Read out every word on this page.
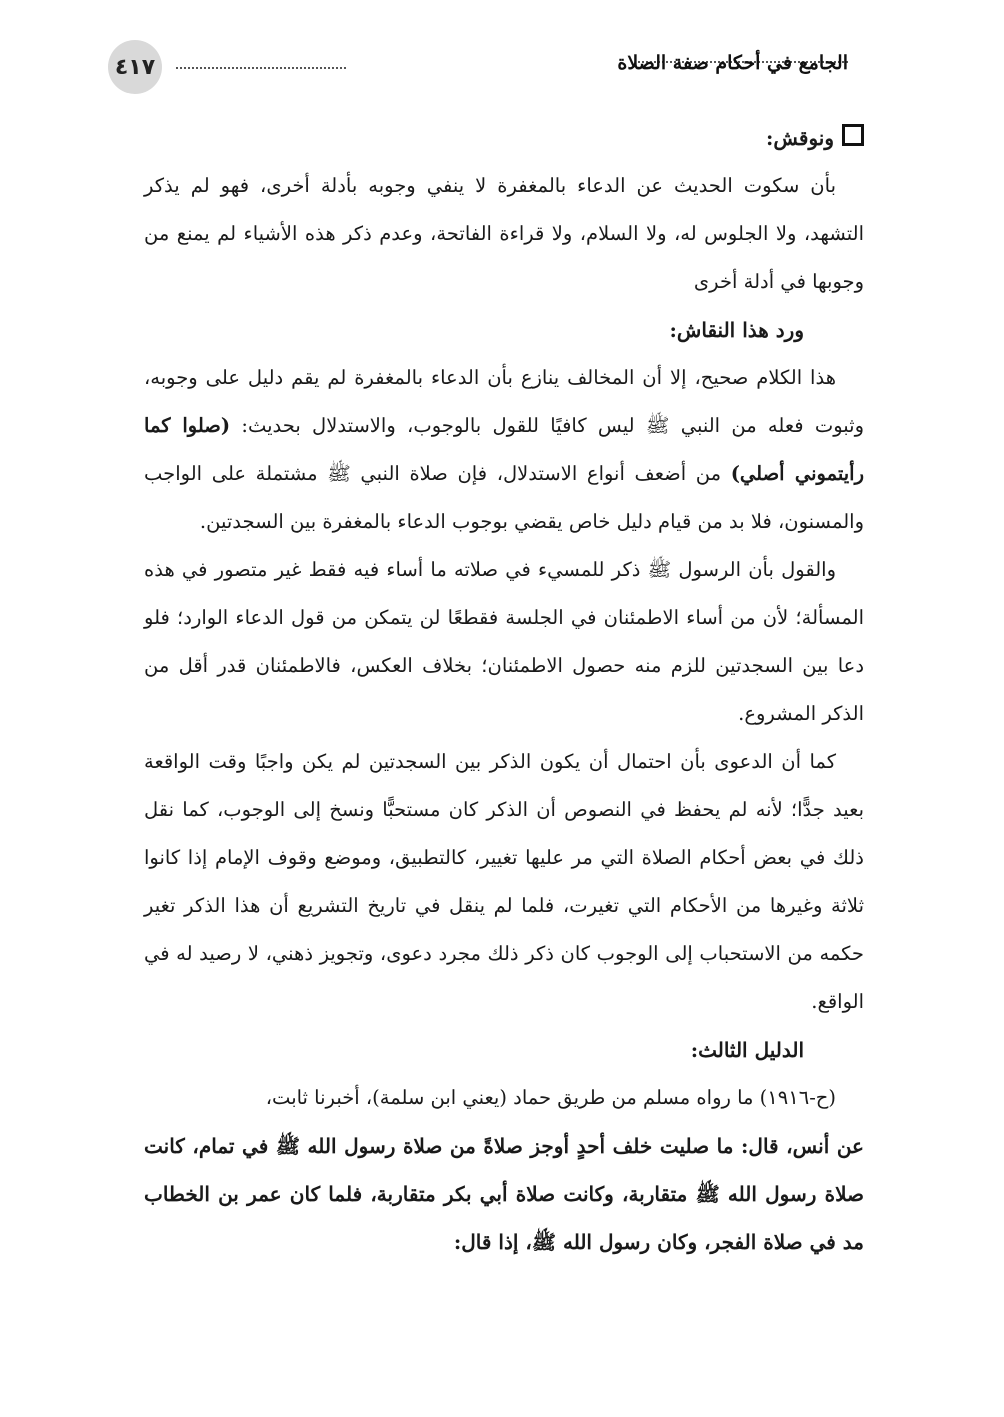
٤١٧	الجامع في أحكام صفة الصلاة
ونوقش:

بأن سكوت الحديث عن الدعاء بالمغفرة لا ينفي وجوبه بأدلة أخرى، فهو لم يذكر التشهد، ولا الجلوس له، ولا السلام، ولا قراءة الفاتحة، وعدم ذكر هذه الأشياء لم يمنع من وجوبها في أدلة أخرى

ورد هذا النقاش:

هذا الكلام صحيح، إلا أن المخالف ينازع بأن الدعاء بالمغفرة لم يقم دليل على وجوبه، وثبوت فعله من النبي ﷺ ليس كافيًا للقول بالوجوب، والاستدلال بحديث: (صلوا كما رأيتموني أصلي) من أضعف أنواع الاستدلال، فإن صلاة النبي ﷺ مشتملة على الواجب والمسنون، فلا بد من قيام دليل خاص يقضي بوجوب الدعاء بالمغفرة بين السجدتين.

والقول بأن الرسول ﷺ ذكر للمسيء في صلاته ما أساء فيه فقط غير متصور في هذه المسألة؛ لأن من أساء الاطمئنان في الجلسة فقطعًا لن يتمكن من قول الدعاء الوارد؛ فلو دعا بين السجدتين للزم منه حصول الاطمئنان؛ بخلاف العكس، فالاطمئنان قدر أقل من الذكر المشروع.

كما أن الدعوى بأن احتمال أن يكون الذكر بين السجدتين لم يكن واجبًا وقت الواقعة بعيد جدًّا؛ لأنه لم يحفظ في النصوص أن الذكر كان مستحبًّا ونسخ إلى الوجوب، كما نقل ذلك في بعض أحكام الصلاة التي مر عليها تغيير، كالتطبيق، وموضع وقوف الإمام إذا كانوا ثلاثة وغيرها من الأحكام التي تغيرت، فلما لم ينقل في تاريخ التشريع أن هذا الذكر تغير حكمه من الاستحباب إلى الوجوب كان ذكر ذلك مجرد دعوى، وتجويز ذهني، لا رصيد له في الواقع.

الدليل الثالث:

(ح-١٩١٦) ما رواه مسلم من طريق حماد (يعني ابن سلمة)، أخبرنا ثابت،

عن أنس، قال: ما صليت خلف أحدٍ أوجز صلاةً من صلاة رسول الله ﷺ في تمام، كانت صلاة رسول الله ﷺ متقاربة، وكانت صلاة أبي بكر متقاربة، فلما كان عمر بن الخطاب مد في صلاة الفجر، وكان رسول الله ﷺ، إذا قال:
